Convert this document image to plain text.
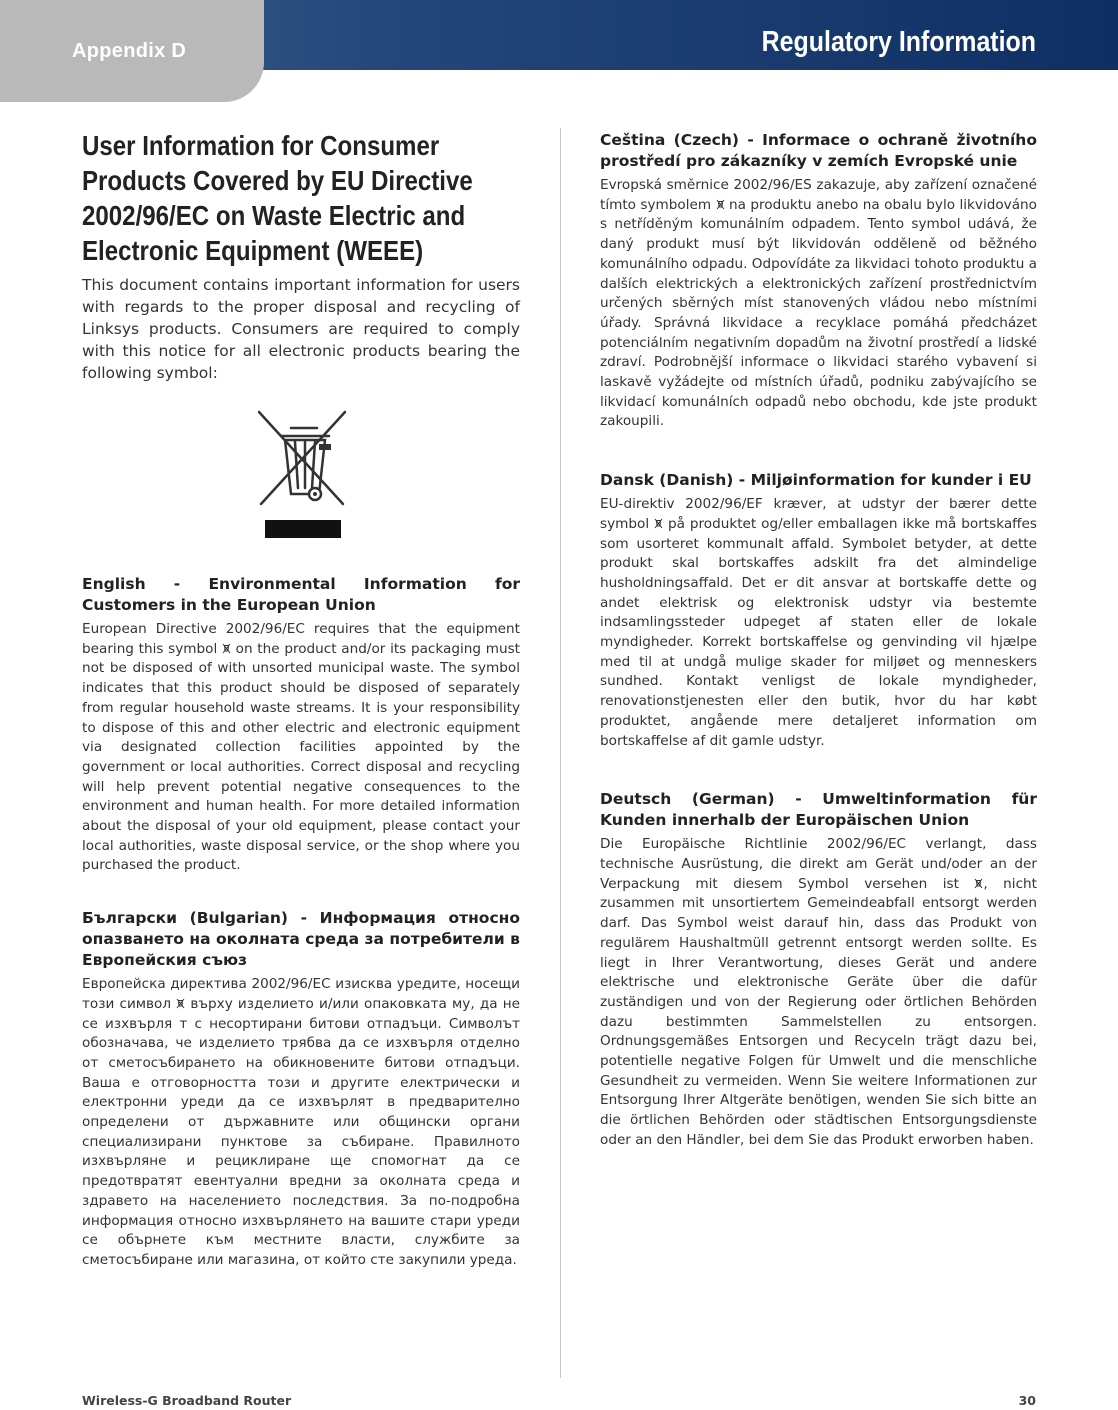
Appendix D	Regulatory Information
User Information for Consumer Products Covered by EU Directive 2002/96/EC on Waste Electric and Electronic Equipment (WEEE)

This document contains important information for users with regards to the proper disposal and recycling of Linksys products. Consumers are required to comply with this notice for all electronic products bearing the following symbol:

English - Environmental Information for Customers in the European Union

European Directive 2002/96/EC requires that the equipment bearing this symbol  on the product and/or its packaging must not be disposed of with unsorted municipal waste. The symbol indicates that this product should be disposed of separately from regular household waste streams. It is your responsibility to dispose of this and other electric and electronic equipment via designated collection facilities appointed by the government or local authorities. Correct disposal and recycling will help prevent potential negative consequences to the environment and human health. For more detailed information about the disposal of your old equipment, please contact your local authorities, waste disposal service, or the shop where you purchased the product.

Български (Bulgarian) - Информация относно опазването на околната среда за потребители в Европейския съюз

Европейска директива 2002/96/EC изисква уредите, носещи този символ  върху изделието и/или опаковката му, да не се изхвърля т с несортирани битови отпадъци. Символът обозначава, че изделието трябва да се изхвърля отделно от сметосъбирането на обикновените битови отпадъци. Ваша е отговорността този и другите електрически и електронни уреди да се изхвърлят в предварително определени от държавните или общински органи специализирани пунктове за събиране. Правилното изхвърляне и рециклиране ще спомогнат да се предотвратят евентуални вредни за околната среда и здравето на населението последствия. За по-подробна информация относно изхвърлянето на вашите стари уреди се обърнете към местните власти, службите за сметосъбиране или магазина, от който сте закупили уреда.

Ceština (Czech) - Informace o ochraně životního prostředí pro zákazníky v zemích Evropské unie

Evropská směrnice 2002/96/ES zakazuje, aby zařízení označené tímto symbolem  na produktu anebo na obalu bylo likvidováno s netříděným komunálním odpadem. Tento symbol udává, že daný produkt musí být likvidován odděleně od běžného komunálního odpadu. Odpovídáte za likvidaci tohoto produktu a dalších elektrických a elektronických zařízení prostřednictvím určených sběrných míst stanovených vládou nebo místními úřady. Správná likvidace a recyklace pomáhá předcházet potenciálním negativním dopadům na životní prostředí a lidské zdraví. Podrobnější informace o likvidaci starého vybavení si laskavě vyžádejte od místních úřadů, podniku zabývajícího se likvidací komunálních odpadů nebo obchodu, kde jste produkt zakoupili.

Dansk (Danish) - Miljøinformation for kunder i EU

EU-direktiv 2002/96/EF kræver, at udstyr der bærer dette symbol  på produktet og/eller emballagen ikke må bortskaffes som usorteret kommunalt affald. Symbolet betyder, at dette produkt skal bortskaffes adskilt fra det almindelige husholdningsaffald. Det er dit ansvar at bortskaffe dette og andet elektrisk og elektronisk udstyr via bestemte indsamlingssteder udpeget af staten eller de lokale myndigheder. Korrekt bortskaffelse og genvinding vil hjælpe med til at undgå mulige skader for miljøet og menneskers sundhed. Kontakt venligst de lokale myndigheder, renovationstjenesten eller den butik, hvor du har købt produktet, angående mere detaljeret information om bortskaffelse af dit gamle udstyr.

Deutsch (German) - Umweltinformation für Kunden innerhalb der Europäischen Union

Die Europäische Richtlinie 2002/96/EC verlangt, dass technische Ausrüstung, die direkt am Gerät und/oder an der Verpackung mit diesem Symbol versehen ist , nicht zusammen mit unsortiertem Gemeindeabfall entsorgt werden darf. Das Symbol weist darauf hin, dass das Produkt von regulärem Haushaltmüll getrennt entsorgt werden sollte. Es liegt in Ihrer Verantwortung, dieses Gerät und andere elektrische und elektronische Geräte über die dafür zuständigen und von der Regierung oder örtlichen Behörden dazu bestimmten Sammelstellen zu entsorgen. Ordnungsgemäßes Entsorgen und Recyceln trägt dazu bei, potentielle negative Folgen für Umwelt und die menschliche Gesundheit zu vermeiden. Wenn Sie weitere Informationen zur Entsorgung Ihrer Altgeräte benötigen, wenden Sie sich bitte an die örtlichen Behörden oder städtischen Entsorgungsdienste oder an den Händler, bei dem Sie das Produkt erworben haben.

Wireless-G Broadband Router	30
